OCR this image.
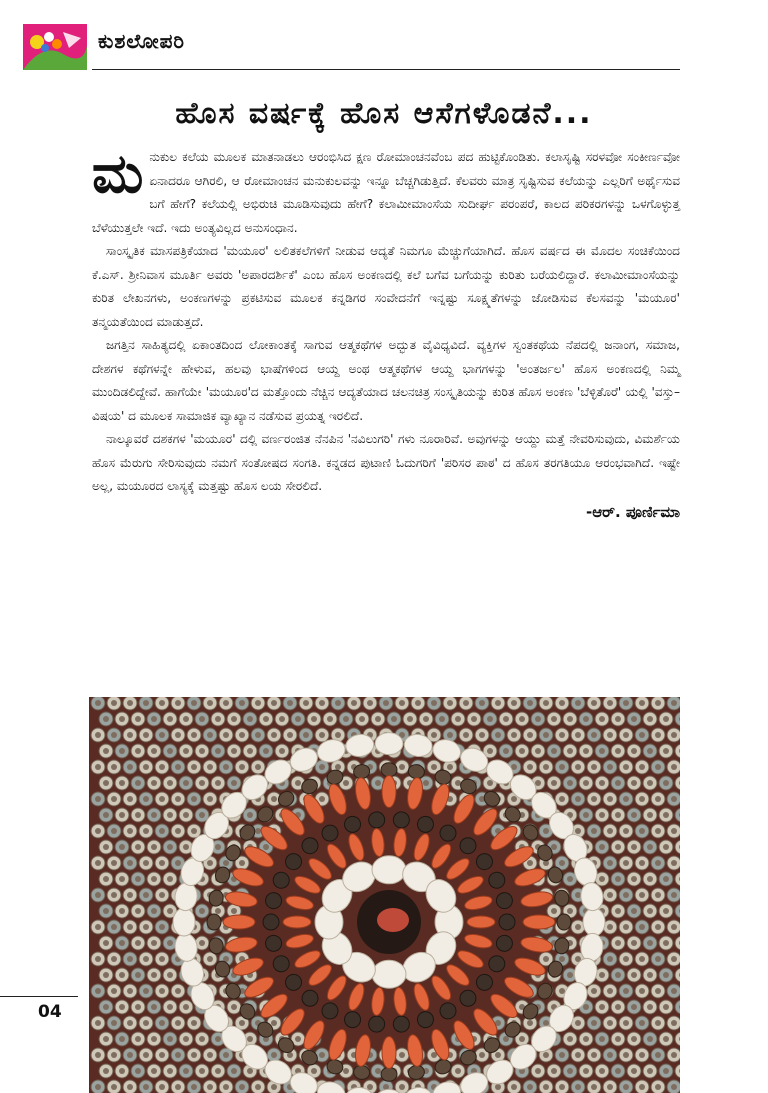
ಕುಶಲೋಪರಿ
ಹೊಸ ವರ್ಷಕ್ಕೆ ಹೊಸ ಆಸೆಗಳೊಡನೆ...

ಮನುಕುಲ ಕಲೆಯ ಮೂಲಕ ಮಾತನಾಡಲು ಆರಂಭಿಸಿದ ಕ್ಷಣ ರೋಮಾಂಚನವೆಂಬ ಪದ ಹುಟ್ಟಿಕೊಂಡಿತು. ಕಲಾಸೃಷ್ಟಿ ಸರಳವೋ ಸಂಕೀರ್ಣವೋ ಏನಾದರೂ ಆಗಿರಲಿ, ಆ ರೋಮಾಂಚನ ಮನುಕುಲವನ್ನು ಇನ್ನೂ ಬೆಚ್ಚಗಿಡುತ್ತಿದೆ. ಕೆಲವರು ಮಾತ್ರ ಸೃಷ್ಟಿಸುವ ಕಲೆಯನ್ನು ಎಲ್ಲರಿಗೆ ಅರ್ಥೈಸುವ ಬಗೆ ಹೇಗೆ? ಕಲೆಯಲ್ಲಿ ಅಭಿರುಚಿ ಮೂಡಿಸುವುದು ಹೇಗೆ? ಕಲಾಮೀಮಾಂಸೆಯ ಸುದೀರ್ಘ ಪರಂಪರೆ, ಕಾಲದ ಪರಿಕರಗಳನ್ನು ಒಳಗೊಳ್ಳುತ್ತ ಬೆಳೆಯುತ್ತಲೇ ಇದೆ. ಇದು ಅಂತ್ಯವಿಲ್ಲದ ಅನುಸಂಧಾನ.

ಸಾಂಸ್ಕೃತಿಕ ಮಾಸಪತ್ರಿಕೆಯಾದ 'ಮಯೂರ' ಲಲಿತಕಲೆಗಳಿಗೆ ನೀಡುವ ಆದ್ಯತೆ ನಿಮಗೂ ಮೆಚ್ಚುಗೆಯಾಗಿದೆ. ಹೊಸ ವರ್ಷದ ಈ ಮೊದಲ ಸಂಚಿಕೆಯಿಂದ ಕೆ.ಎಸ್. ಶ್ರೀನಿವಾಸ ಮೂರ್ತಿ ಅವರು 'ಅಪಾರದರ್ಶಿಕೆ' ಎಂಬ ಹೊಸ ಅಂಕಣದಲ್ಲಿ ಕಲೆ ಬಗೆವ ಬಗೆಯನ್ನು ಕುರಿತು ಬರೆಯಲಿದ್ದಾರೆ. ಕಲಾಮೀಮಾಂಸೆಯನ್ನು ಕುರಿತ ಲೇಖನಗಳು, ಅಂಕಣಗಳನ್ನು ಪ್ರಕಟಿಸುವ ಮೂಲಕ ಕನ್ನಡಿಗರ ಸಂವೇದನೆಗೆ ಇನ್ನಷ್ಟು ಸೂಕ್ಷ್ಮತೆಗಳನ್ನು ಜೋಡಿಸುವ ಕೆಲಸವನ್ನು 'ಮಯೂರ' ತನ್ಮಯತೆಯಿಂದ ಮಾಡುತ್ತದೆ.

ಜಗತ್ತಿನ ಸಾಹಿತ್ಯದಲ್ಲಿ ಏಕಾಂತದಿಂದ ಲೋಕಾಂತಕ್ಕೆ ಸಾಗುವ ಆತ್ಮಕಥೆಗಳ ಅದ್ಭುತ ವೈವಿಧ್ಯವಿದೆ. ವ್ಯಕ್ತಿಗಳ ಸ್ವಂತಕಥೆಯ ನೆಪದಲ್ಲಿ ಜನಾಂಗ, ಸಮಾಜ, ದೇಶಗಳ ಕಥೆಗಳನ್ನೇ ಹೇಳುವ, ಹಲವು ಭಾಷೆಗಳಿಂದ ಆಯ್ದ ಅಂಥ ಆತ್ಮಕಥೆಗಳ ಆಯ್ದ ಭಾಗಗಳನ್ನು 'ಅಂತರ್ಜಲ' ಹೊಸ ಅಂಕಣದಲ್ಲಿ ನಿಮ್ಮ ಮುಂದಿಡಲಿದ್ದೇವೆ. ಹಾಗೆಯೇ 'ಮಯೂರ'ದ ಮತ್ತೊಂದು ನೆಚ್ಚಿನ ಆದ್ಯತೆಯಾದ ಚಲನಚಿತ್ರ ಸಂಸ್ಕೃತಿಯನ್ನು ಕುರಿತ ಹೊಸ ಅಂಕಣ 'ಬೆಳ್ಳಿತೊರೆ' ಯಲ್ಲಿ 'ವಸ್ತು–ವಿಷಯ' ದ ಮೂಲಕ ಸಾಮಾಜಿಕ ವ್ಯಾಖ್ಯಾನ ನಡೆಸುವ ಪ್ರಯತ್ನ ಇರಲಿದೆ.

ನಾಲ್ಕೂವರೆ ದಶಕಗಳ 'ಮಯೂರ' ದಲ್ಲಿ ವರ್ಣರಂಜಿತ ನೆನಪಿನ 'ನವಿಲುಗರಿ' ಗಳು ನೂರಾರಿವೆ. ಅವುಗಳನ್ನು ಆಯ್ದು ಮತ್ತೆ ನೇವರಿಸುವುದು, ವಿಮರ್ಶೆಯ ಹೊಸ ಮೆರುಗು ಸೇರಿಸುವುದು ನಮಗೆ ಸಂತೋಷದ ಸಂಗತಿ. ಕನ್ನಡದ ಪುಟಾಣಿ ಓದುಗರಿಗೆ 'ಪರಿಸರ ಪಾಠ' ದ ಹೊಸ ತರಗತಿಯೂ ಆರಂಭವಾಗಿದೆ. ಇಷ್ಟೇ ಅಲ್ಲ, ಮಯೂರದ ಲಾಸ್ಯಕ್ಕೆ ಮತ್ತಷ್ಟು ಹೊಸ ಲಯ ಸೇರಲಿದೆ.

-ಆರ್. ಪೂರ್ಣಿಮಾ
04
